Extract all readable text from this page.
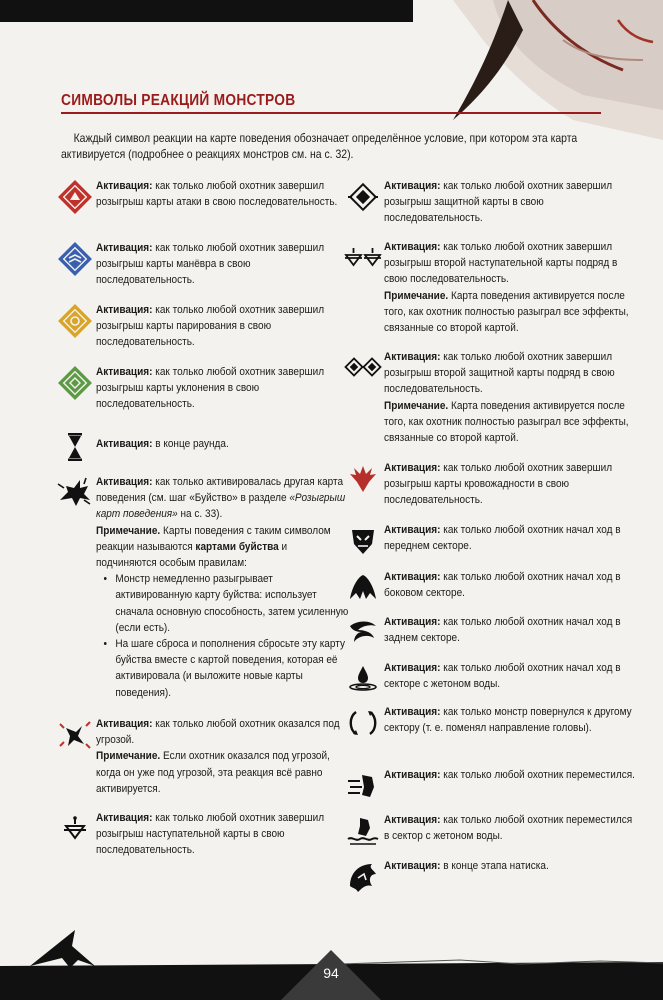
СИМВОЛЫ РЕАКЦИЙ МОНСТРОВ
Каждый символ реакции на карте поведения обозначает определённое условие, при котором эта карта активируется (подробнее о реакциях монстров см. на с. 32).
Активация: как только любой охотник завершил розыгрыш карты атаки в свою последовательность.
Активация: как только любой охотник завершил розыгрыш карты манёвра в свою последовательность.
Активация: как только любой охотник завершил розыгрыш карты парирования в свою последовательность.
Активация: как только любой охотник завершил розыгрыш карты уклонения в свою последовательность.
Активация: в конце раунда.

Активация: как только активировалась другая карта поведения (см. шаг «Буйство» в разделе «Розыгрыш карт поведения» на с. 33).

Примечание. Карты поведения с таким символом реакции называются картами буйства и подчиняются особым правилам:

• Монстр немедленно разыгрывает активированную карту буйства: использует сначала основную способность, затем усиленную (если есть).
• На шаге сброса и пополнения сбросьте эту карту буйства вместе с картой поведения, которая её активировала (и выложите новые карты поведения).

Активация: как только любой охотник оказался под угрозой.

Примечание. Если охотник оказался под угрозой, когда он уже под угрозой, эта реакция всё равно активируется.

Активация: как только любой охотник завершил розыгрыш наступательной карты в свою последовательность.
Активация: как только любой охотник завершил розыгрыш защитной карты в свою последовательность.

Активация: как только любой охотник завершил розыгрыш второй наступательной карты подряд в свою последовательность.

Примечание. Карта поведения активируется после того, как охотник полностью разыграл все эффекты, связанные со второй картой.

Активация: как только любой охотник завершил розыгрыш второй защитной карты подряд в свою последовательность.

Примечание. Карта поведения активируется после того, как охотник полностью разыграл все эффекты, связанные со второй картой.

Активация: как только любой охотник завершил розыгрыш карты кровожадности в свою последовательность.
Активация: как только любой охотник начал ход в переднем секторе.
Активация: как только любой охотник начал ход в боковом секторе.
Активация: как только любой охотник начал ход в заднем секторе.
Активация: как только любой охотник начал ход в секторе с жетоном воды.
Активация: как только монстр повернулся к другому сектору (т. е. поменял направление головы).
Активация: как только любой охотник переместился.
Активация: как только любой охотник переместился в сектор с жетоном воды.
Активация: в конце этапа натиска.
94
